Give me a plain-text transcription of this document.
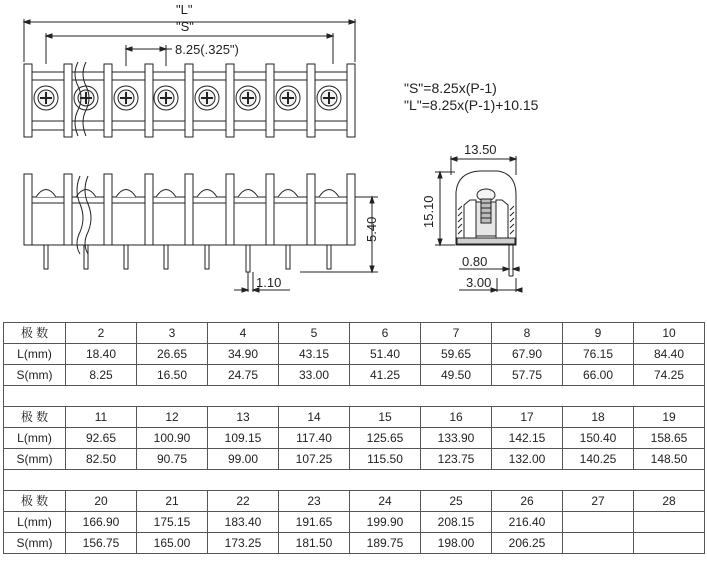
"L"
"S"
8.25(.325")
5.40
1.10
13.50
15.10
0.80
3.00
"S"=8.25x(P-1)
"L"=8.25x(P-1)+10.15
极 数	2	3	4	5	6	7	8	9	10
L(mm)	18.40	26.65	34.90	43.15	51.40	59.65	67.90	76.15	84.40
S(mm)	8.25	16.50	24.75	33.00	41.25	49.50	57.75	66.00	74.25

极 数	11	12	13	14	15	16	17	18	19
L(mm)	92.65	100.90	109.15	117.40	125.65	133.90	142.15	150.40	158.65
S(mm)	82.50	90.75	99.00	107.25	115.50	123.75	132.00	140.25	148.50

极 数	20	21	22	23	24	25	26	27	28
L(mm)	166.90	175.15	183.40	191.65	199.90	208.15	216.40		
S(mm)	156.75	165.00	173.25	181.50	189.75	198.00	206.25		
